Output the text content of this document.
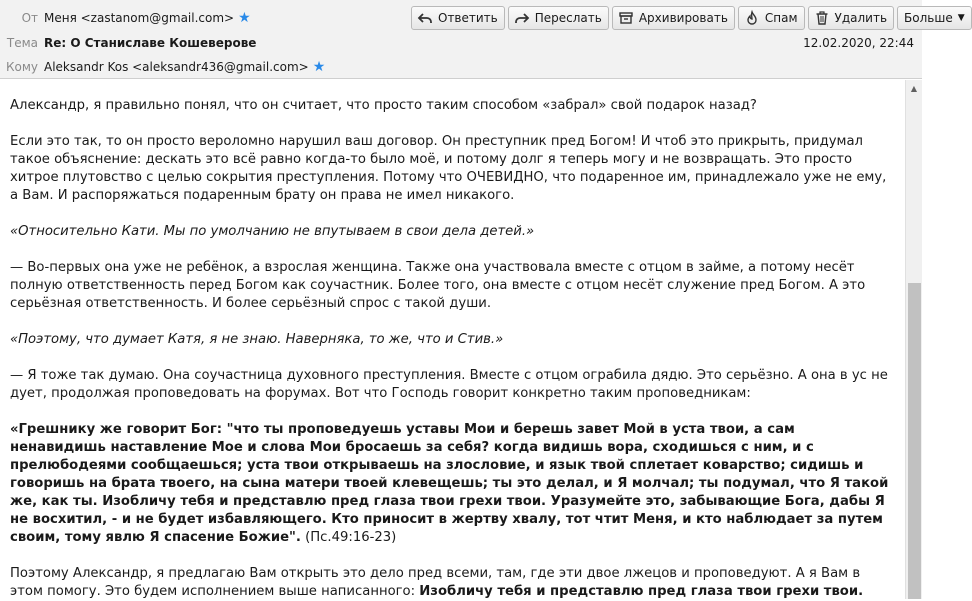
От Меня <zastanom@gmail.com> ★
Тема Re: О Станиславе Кошеверове
Кому Aleksandr Kos <aleksandr436@gmail.com> ★
12.02.2020, 22:44
Ответить	Переслать	Архивировать	Спам	Удалить Больше ▼

Александр, я правильно понял, что он считает, что просто таким способом «забрал» свой подарок назад?

Если это так, то он просто вероломно нарушил ваш договор. Он преступник пред Богом! И чтоб это прикрыть, придумал такое объяснение: дескать это всё равно когда-то было моё, и потому долг я теперь могу и не возвращать. Это просто хитрое плутовство с целью сокрытия преступления. Потому что ОЧЕВИДНО, что подаренное им, принадлежало уже не ему, а Вам. И распоряжаться подаренным брату он права не имел никакого.

«Относительно Кати. Мы по умолчанию не впутываем в свои дела детей.»

— Во-первых она уже не ребёнок, а взрослая женщина. Также она участвовала вместе с отцом в займе, а потому несёт полную ответственность перед Богом как соучастник. Более того, она вместе с отцом несёт служение пред Богом. А это серьёзная ответственность. И более серьёзный спрос с такой души.

«Поэтому, что думает Катя, я не знаю. Наверняка, то же, что и Стив.»

— Я тоже так думаю. Она соучастница духовного преступления. Вместе с отцом ограбила дядю. Это серьёзно. А она в ус не дует, продолжая проповедовать на форумах. Вот что Господь говорит конкретно таким проповедникам:

«Грешнику же говорит Бог: "что ты проповедуешь уставы Мои и берешь завет Мой в уста твои, а сам ненавидишь наставление Мое и слова Мои бросаешь за себя? когда видишь вора, сходишься с ним, и с прелюбодеями сообщаешься; уста твои открываешь на злословие, и язык твой сплетает коварство; сидишь и говоришь на брата твоего, на сына матери твоей клевещешь; ты это делал, и Я молчал; ты подумал, что Я такой же, как ты. Изобличу тебя и представлю пред глаза твои грехи твои. Уразумейте это, забывающие Бога, дабы Я не восхитил, - и не будет избавляющего. Кто приносит в жертву хвалу, тот чтит Меня, и кто наблюдает за путем своим, тому явлю Я спасение Божие". (Пс.49:16-23)

Поэтому Александр, я предлагаю Вам открыть это дело пред всеми, там, где эти двое лжецов и проповедуют. А я Вам в этом помогу. Это будем исполнением выше написанного: Изобличу тебя и представлю пред глаза твои грехи твои.

▲
